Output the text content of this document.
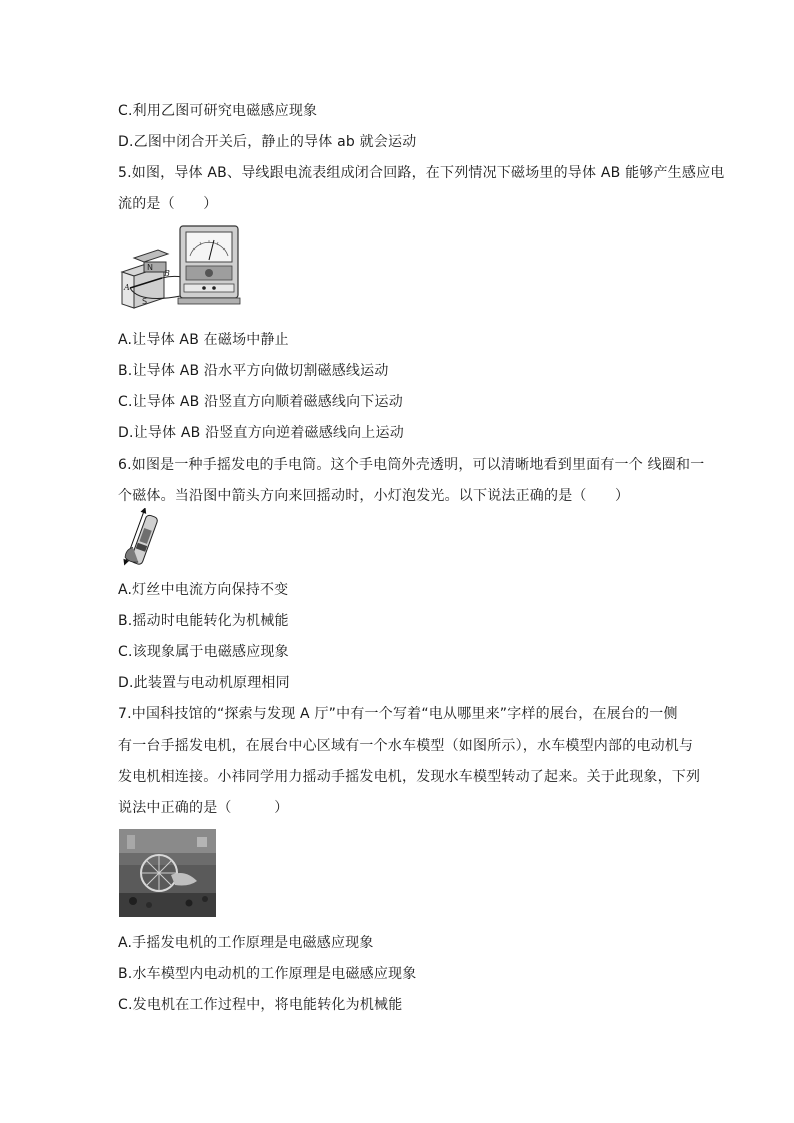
C.利用乙图可研究电磁感应现象
D.乙图中闭合开关后，静止的导体 ab 就会运动
5.如图，导体 AB、导线跟电流表组成闭合回路，在下列情况下磁场里的导体 AB 能够产生感应电
流的是（　　）
N
S
A
B
A.让导体 AB 在磁场中静止
B.让导体 AB 沿水平方向做切割磁感线运动
C.让导体 AB 沿竖直方向顺着磁感线向下运动
D.让导体 AB 沿竖直方向逆着磁感线向上运动
6.如图是一种手摇发电的手电筒。这个手电筒外壳透明，可以清晰地看到里面有一个 线圈和一
个磁体。当沿图中箭头方向来回摇动时，小灯泡发光。以下说法正确的是（　　）
A.灯丝中电流方向保持不变
B.摇动时电能转化为机械能
C.该现象属于电磁感应现象
D.此装置与电动机原理相同
7.中国科技馆的“探索与发现 A 厅”中有一个写着“电从哪里来”字样的展台，在展台的一侧
有一台手摇发电机，在展台中心区域有一个水车模型（如图所示），水车模型内部的电动机与
发电机相连接。小祎同学用力摇动手摇发电机，发现水车模型转动了起来。关于此现象，下列
说法中正确的是（　　　）
A.手摇发电机的工作原理是电磁感应现象
B.水车模型内电动机的工作原理是电磁感应现象
C.发电机在工作过程中，将电能转化为机械能
